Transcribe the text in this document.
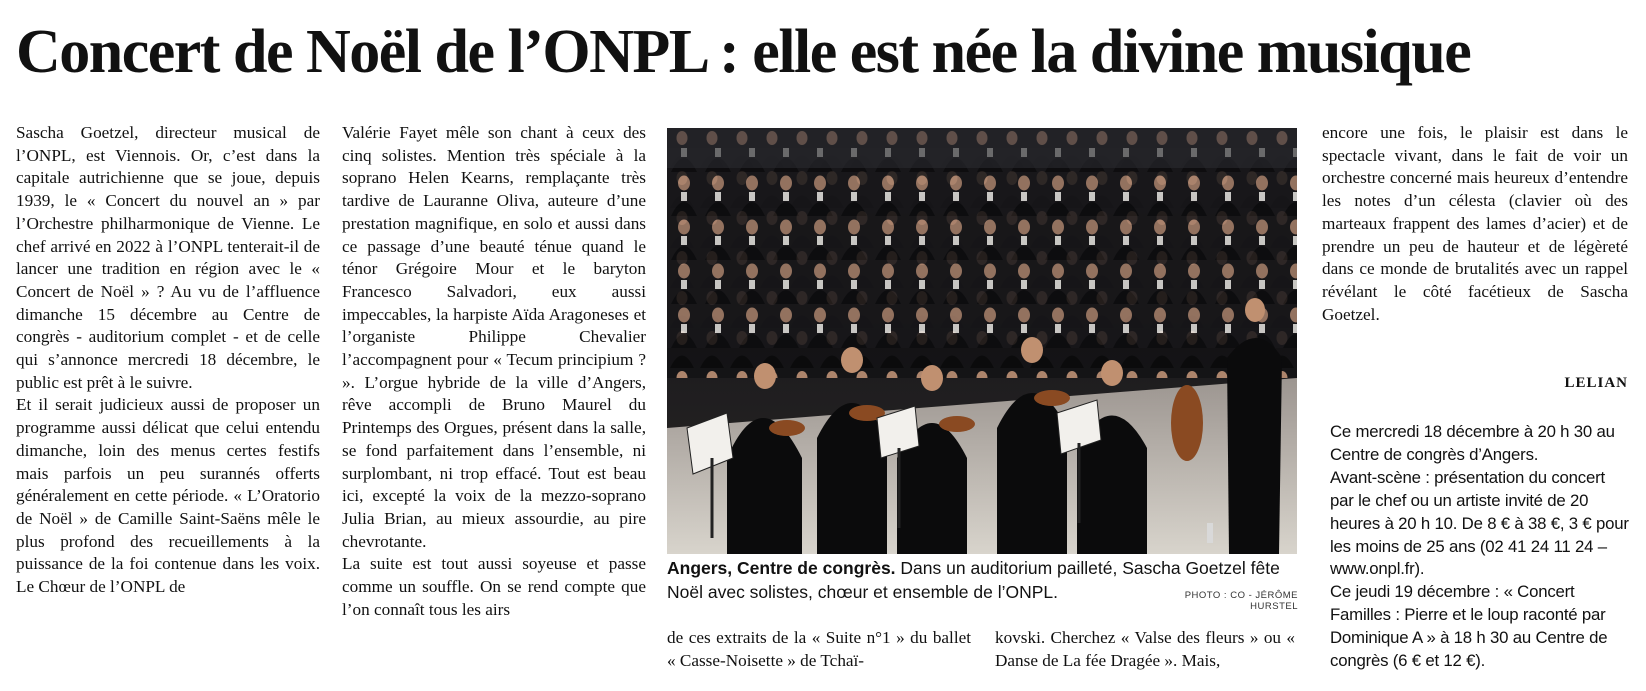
Concert de Noël de l’ONPL : elle est née la divine musique

Sascha Goetzel, directeur musical de l’ONPL, est Viennois. Or, c’est dans la capitale autrichienne que se joue, depuis 1939, le « Concert du nouvel an » par l’Orchestre philharmonique de Vienne. Le chef arrivé en 2022 à l’ONPL tenterait-il de lancer une tradition en région avec le « Concert de Noël » ? Au vu de l’affluence dimanche 15 décembre au Centre de congrès - auditorium complet - et de celle qui s’annonce mercredi 18 décembre, le public est prêt à le suivre.

Et il serait judicieux aussi de proposer un programme aussi délicat que celui entendu dimanche, loin des menus certes festifs mais parfois un peu surannés offerts généralement en cette période. « L’Oratorio de Noël » de Camille Saint-Saëns mêle le plus profond des recueillements à la puissance de la foi contenue dans les voix. Le Chœur de l’ONPL de

Valérie Fayet mêle son chant à ceux des cinq solistes. Mention très spéciale à la soprano Helen Kearns, remplaçante très tardive de Lauranne Oliva, auteure d’une prestation magnifique, en solo et aussi dans ce passage d’une beauté ténue quand le ténor Grégoire Mour et le baryton Francesco Salvadori, eux aussi impeccables, la harpiste Aïda Aragoneses et l’organiste Philippe Chevalier l’accompagnent pour « Tecum principium ? ». L’orgue hybride de la ville d’Angers, rêve accompli de Bruno Maurel du Printemps des Orgues, présent dans la salle, se fond parfaitement dans l’ensemble, ni surplombant, ni trop effacé. Tout est beau ici, excepté la voix de la mezzo-soprano Julia Brian, au mieux assourdie, au pire chevrotante.

La suite est tout aussi soyeuse et passe comme un souffle. On se rend compte que l’on connaît tous les airs

Angers, Centre de congrès. Dans un auditorium pailleté, Sascha Goetzel fête Noël avec solistes, chœur et ensemble de l’ONPL.	PHOTO : CO - JÉRÔME HURSTEL

de ces extraits de la « Suite n°1 » du ballet « Casse-Noisette » de Tchaï-

kovski. Cherchez « Valse des fleurs » ou « Danse de La fée Dragée ». Mais,

encore une fois, le plaisir est dans le spectacle vivant, dans le fait de voir un orchestre concerné mais heureux d’entendre les notes d’un célesta (clavier où des marteaux frappent des lames d’acier) et de prendre un peu de hauteur et de légèreté dans ce monde de brutalités avec un rappel révélant le côté facétieux de Sascha Goetzel.

LELIAN

Ce mercredi 18 décembre à 20 h 30 au Centre de congrès d’Angers.

Avant-scène : présentation du concert par le chef ou un artiste invité de 20 heures à 20 h 10. De 8 € à 38 €, 3 € pour les moins de 25 ans (02 41 24 11 24 – www.onpl.fr).

Ce jeudi 19 décembre : « Concert Familles : Pierre et le loup raconté par Dominique A » à 18 h 30 au Centre de congrès (6 € et 12 €).
